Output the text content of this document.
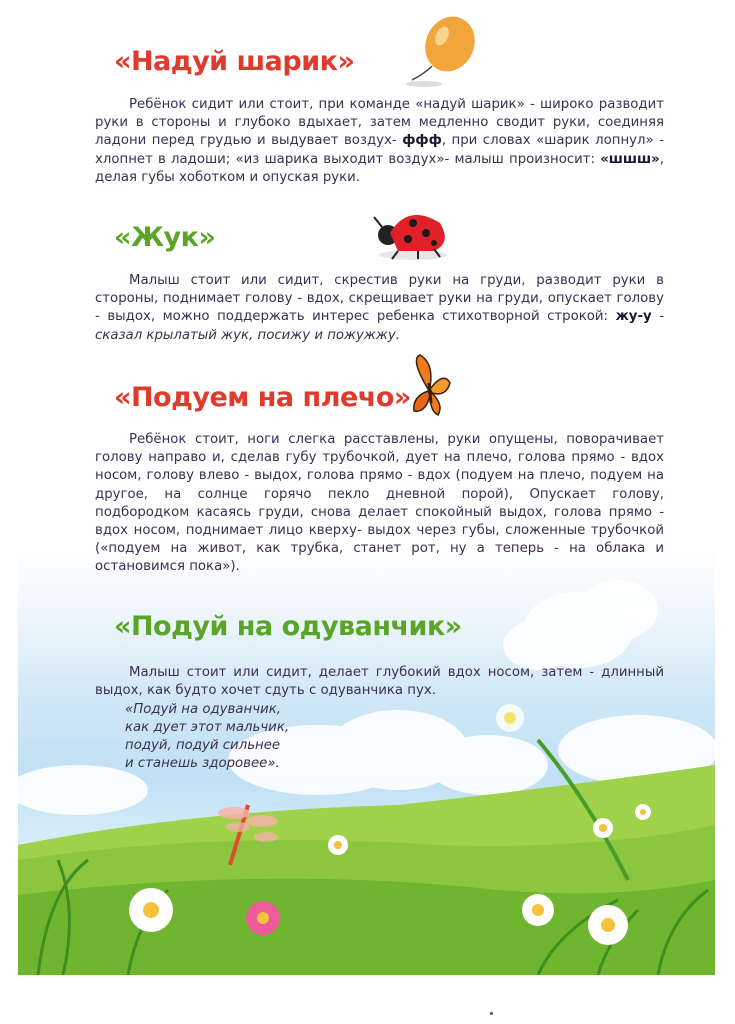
«Надуй шарик»

Ребёнок сидит или стоит, при команде «надуй шарик» - широко разводит руки в стороны и глубоко вдыхает, затем медленно сводит руки, соединяя ладони перед грудью и выдувает воздух- ффф, при словах «шарик лопнул» - хлопнет в ладоши; «из шарика выходит воздух»- малыш произносит: «шшш», делая губы хоботком и опуская руки.

«Жук»

Малыш стоит или сидит, скрестив руки на груди, разводит руки в стороны, поднимает голову - вдох, скрещивает руки на груди, опускает голову - выдох, можно поддержать интерес ребенка стихотворной строкой: жу-у - сказал крылатый жук, посижу и пожужжу.

«Подуем на плечо»

Ребёнок стоит, ноги слегка расставлены, руки опущены, поворачивает голову направо и, сделав губу трубочкой, дует на плечо, голова прямо - вдох носом, голову влево - выдох, голова прямо - вдох (подуем на плечо, подуем на другое, на солнце горячо пекло дневной порой), Опускает голову, подбородком касаясь груди, снова делает спокойный выдох, голова прямо - вдох носом, поднимает лицо кверху- выдох через губы, сложенные трубочкой («подуем на живот, как трубка, станет рот, ну а теперь - на облака и остановимся пока»).

«Подуй на одуванчик»

Малыш стоит или сидит, делает глубокий вдох носом, затем - длинный выдох, как будто хочет сдуть с одуванчика пух.

«Подуй на одуванчик,
как дует этот мальчик,
подуй, подуй сильнее
и станешь здоровее».
